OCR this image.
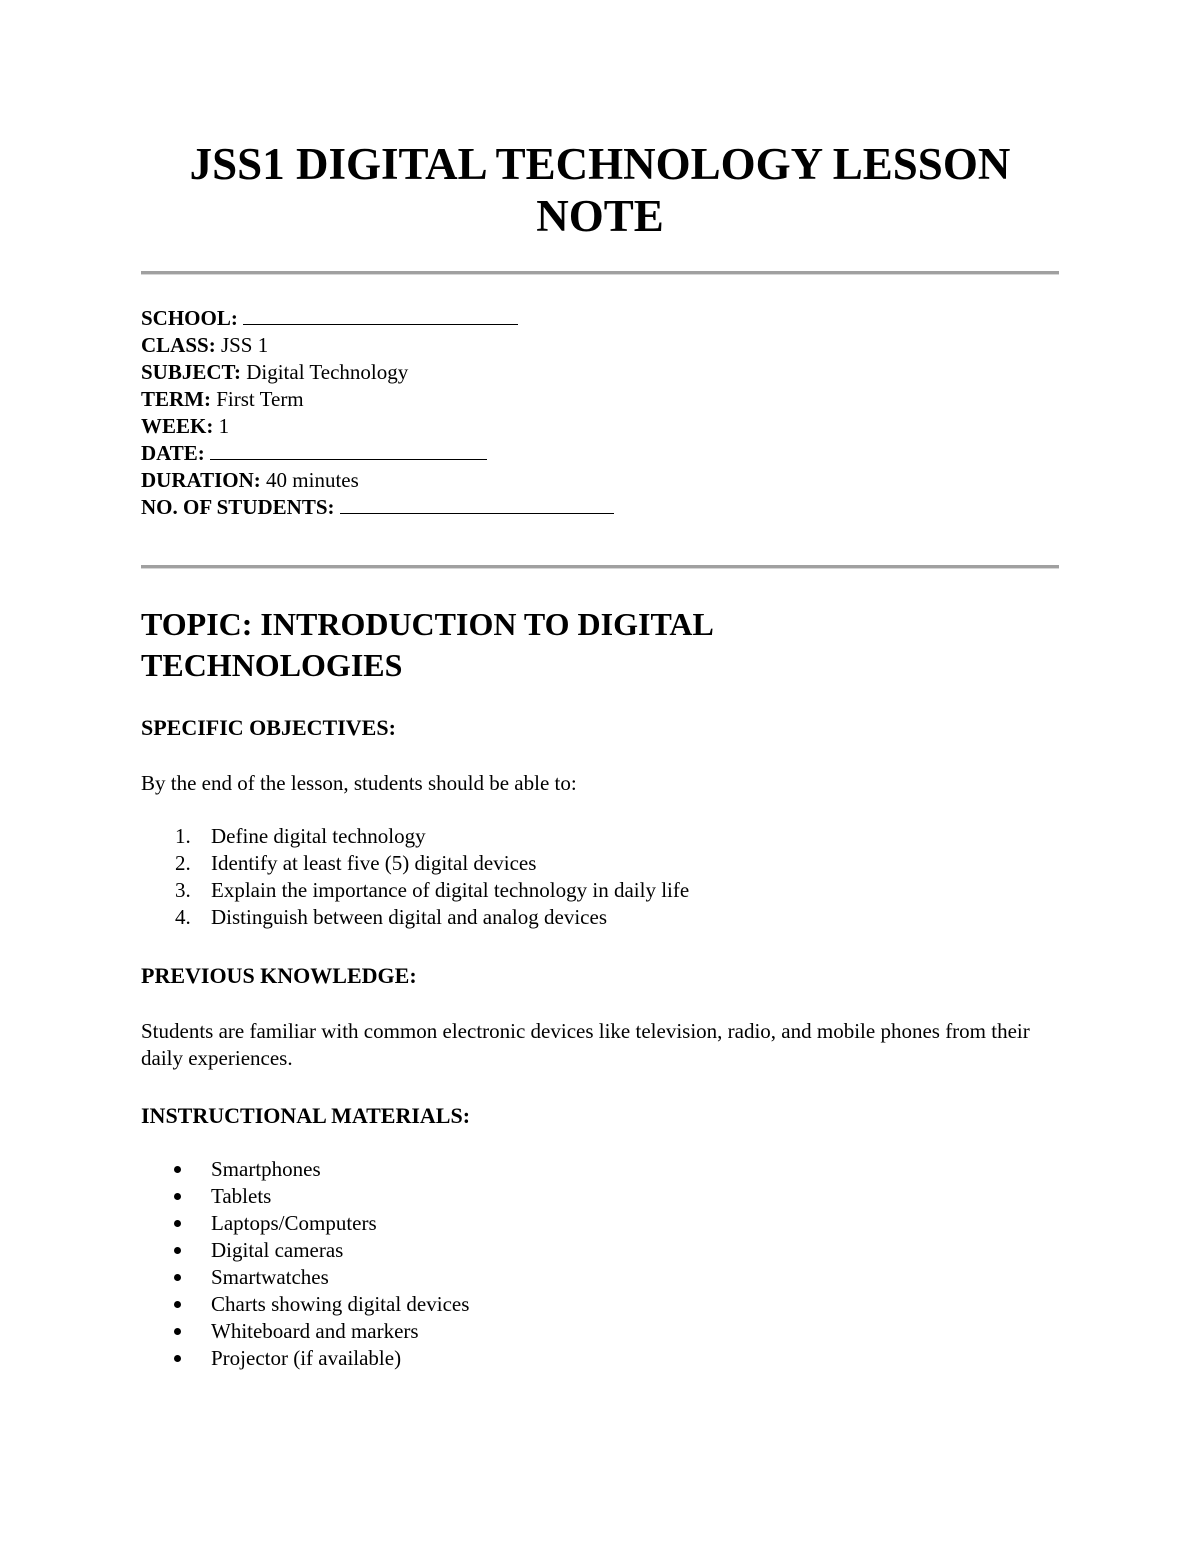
JSS1 DIGITAL TECHNOLOGY LESSON NOTE
SCHOOL:
CLASS: JSS 1
SUBJECT: Digital Technology
TERM: First Term
WEEK: 1
DATE:
DURATION: 40 minutes
NO. OF STUDENTS:
TOPIC: INTRODUCTION TO DIGITAL TECHNOLOGIES
SPECIFIC OBJECTIVES:

By the end of the lesson, students should be able to:

1. Define digital technology
2. Identify at least five (5) digital devices
3. Explain the importance of digital technology in daily life
4. Distinguish between digital and analog devices
PREVIOUS KNOWLEDGE:

Students are familiar with common electronic devices like television, radio, and mobile phones from their daily experiences.

INSTRUCTIONAL MATERIALS:
Smartphones
Tablets
Laptops/Computers
Digital cameras
Smartwatches
Charts showing digital devices
Whiteboard and markers
Projector (if available)
